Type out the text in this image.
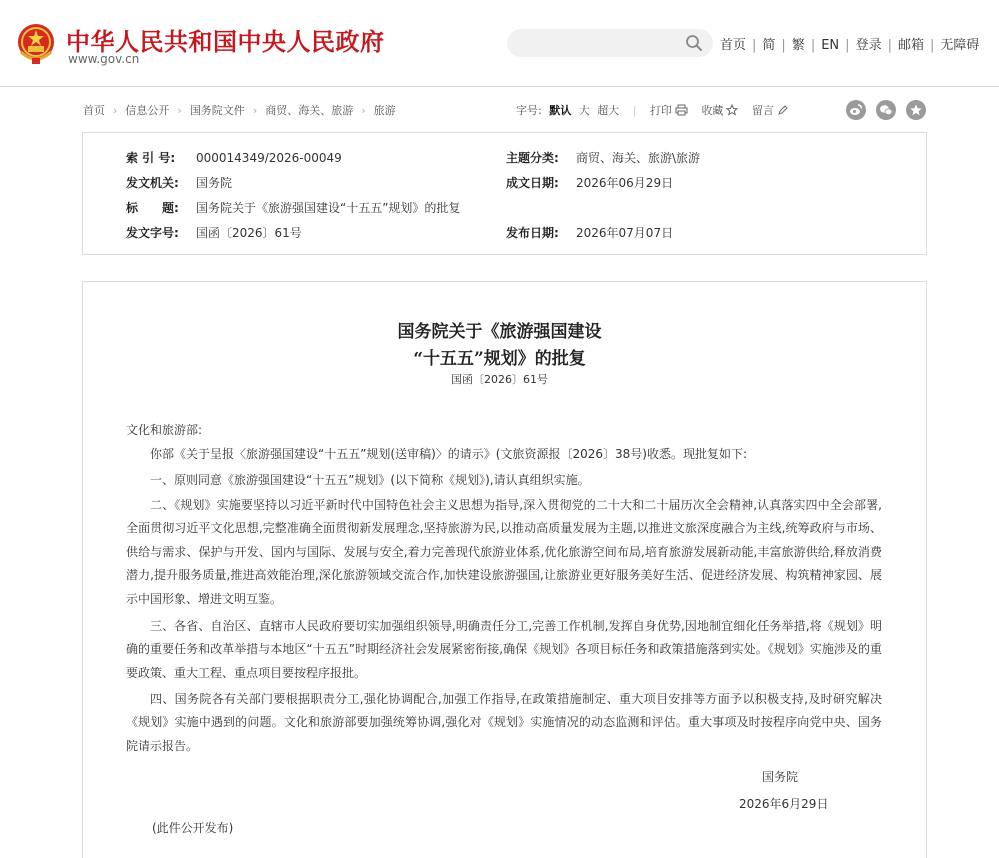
中华人民共和国中央人民政府
www.gov.cn
首页 | 简 | 繁 | EN | 登录 | 邮箱 | 无障碍
首页 › 信息公开 › 国务院文件 › 商贸、海关、旅游 › 旅游	字号: 默认 大 超大 | 打印	收藏	留言
索 引 号: 000014349/2026-00049
发文机关: 国务院
标　　题: 国务院关于《旅游强国建设“十五五”规划》的批复
发文字号: 国函〔2026〕61号
主题分类: 商贸、海关、旅游\旅游
成文日期: 2026年06月29日
发布日期: 2026年07月07日
国务院关于《旅游强国建设
“十五五”规划》的批复
国函〔2026〕61号
文化和旅游部:
你部《关于呈报〈旅游强国建设“十五五”规划(送审稿)〉的请示》(文旅资源报〔2026〕38号)收悉。现批复如下:
一、原则同意《旅游强国建设“十五五”规划》(以下简称《规划》),请认真组织实施。
二、《规划》实施要坚持以习近平新时代中国特色社会主义思想为指导,深入贯彻党的二十大和二十届历次全会精神,认真落实四中全会部署,全面贯彻习近平文化思想,完整准确全面贯彻新发展理念,坚持旅游为民,以推动高质量发展为主题,以推进文旅深度融合为主线,统筹政府与市场、供给与需求、保护与开发、国内与国际、发展与安全,着力完善现代旅游业体系,优化旅游空间布局,培育旅游发展新动能,丰富旅游供给,释放消费潜力,提升服务质量,推进高效能治理,深化旅游领域交流合作,加快建设旅游强国,让旅游业更好服务美好生活、促进经济发展、构筑精神家园、展示中国形象、增进文明互鉴。
三、各省、自治区、直辖市人民政府要切实加强组织领导,明确责任分工,完善工作机制,发挥自身优势,因地制宜细化任务举措,将《规划》明确的重要任务和改革举措与本地区“十五五”时期经济社会发展紧密衔接,确保《规划》各项目标任务和政策措施落到实处。《规划》实施涉及的重要政策、重大工程、重点项目要按程序报批。
四、国务院各有关部门要根据职责分工,强化协调配合,加强工作指导,在政策措施制定、重大项目安排等方面予以积极支持,及时研究解决《规划》实施中遇到的问题。文化和旅游部要加强统筹协调,强化对《规划》实施情况的动态监测和评估。重大事项及时按程序向党中央、国务院请示报告。
国务院
2026年6月29日
(此件公开发布)
